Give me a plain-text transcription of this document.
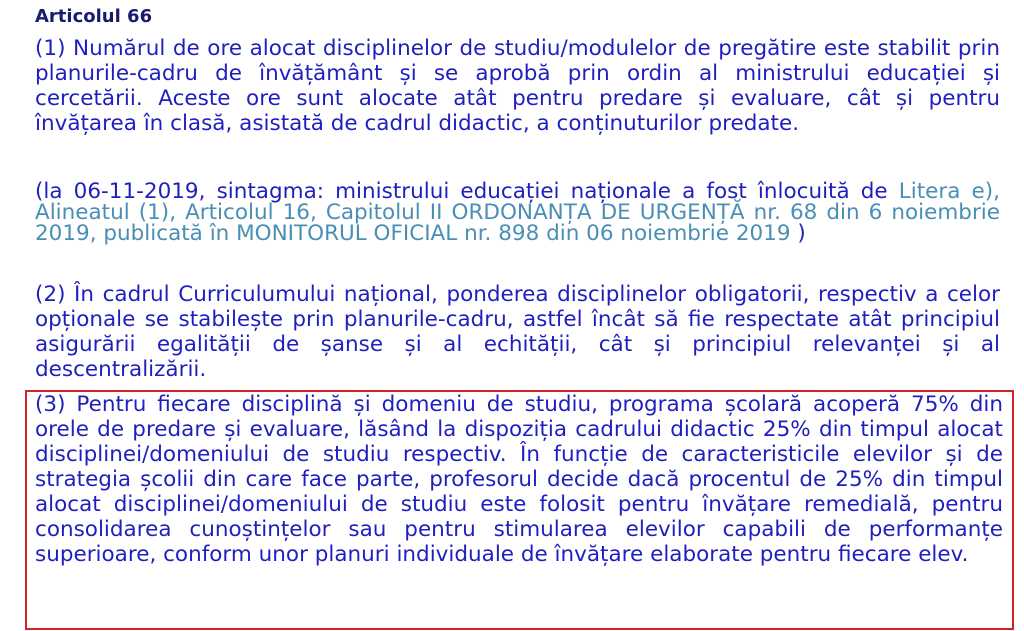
Articolul 66

(1) Numărul de ore alocat disciplinelor de studiu/modulelor de pregătire este stabilit prin planurile-cadru de învățământ și se aprobă prin ordin al ministrului educației și cercetării. Aceste ore sunt alocate atât pentru predare și evaluare, cât și pentru învățarea în clasă, asistată de cadrul didactic, a conținuturilor predate.

(la 06-11-2019, sintagma: ministrului educației naționale a fost înlocuită de Litera e), Alineatul (1), Articolul 16, Capitolul II ORDONANȚA DE URGENȚĂ nr. 68 din 6 noiembrie 2019, publicată în MONITORUL OFICIAL nr. 898 din 06 noiembrie 2019 )

(2) În cadrul Curriculumului național, ponderea disciplinelor obligatorii, respectiv a celor opționale se stabilește prin planurile-cadru, astfel încât să fie respectate atât principiul asigurării egalității de șanse și al echității, cât și principiul relevanței și al descentralizării.

(3) Pentru fiecare disciplină și domeniu de studiu, programa școlară acoperă 75% din orele de predare și evaluare, lăsând la dispoziția cadrului didactic 25% din timpul alocat disciplinei/domeniului de studiu respectiv. În funcție de caracteristicile elevilor și de strategia școlii din care face parte, profesorul decide dacă procentul de 25% din timpul alocat disciplinei/domeniului de studiu este folosit pentru învățare remedială, pentru consolidarea cunoștințelor sau pentru stimularea elevilor capabili de performanțe superioare, conform unor planuri individuale de învățare elaborate pentru fiecare elev.
